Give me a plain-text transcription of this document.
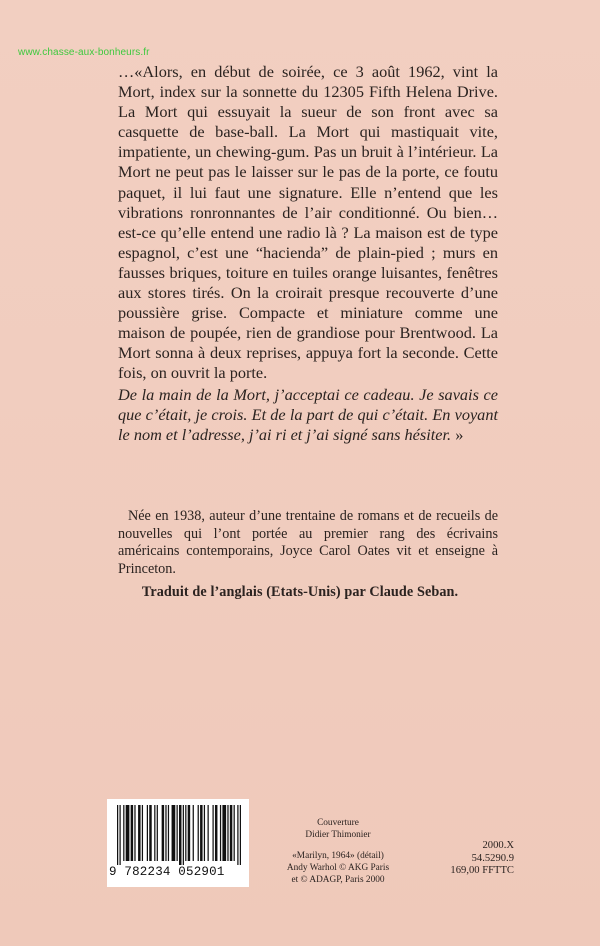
www.chasse-aux-bonheurs.fr

…«Alors, en début de soirée, ce 3 août 1962, vint la Mort, index sur la sonnette du 12305 Fifth Helena Drive. La Mort qui essuyait la sueur de son front avec sa casquette de base-ball. La Mort qui mastiquait vite, impatiente, un chewing-gum. Pas un bruit à l’intérieur. La Mort ne peut pas le laisser sur le pas de la porte, ce foutu paquet, il lui faut une signature. Elle n’entend que les vibrations ronronnantes de l’air conditionné. Ou bien… est-ce qu’elle entend une radio là ? La maison est de type espagnol, c’est une “hacienda” de plain-pied ; murs en fausses briques, toiture en tuiles orange luisantes, fenêtres aux stores tirés. On la croirait presque recouverte d’une poussière grise. Compacte et miniature comme une maison de poupée, rien de grandiose pour Brentwood. La Mort sonna à deux reprises, appuya fort la seconde. Cette fois, on ouvrit la porte.

De la main de la Mort, j’acceptai ce cadeau. Je savais ce que c’était, je crois. Et de la part de qui c’était. En voyant le nom et l’adresse, j’ai ri et j’ai signé sans hésiter. »

Née en 1938, auteur d’une trentaine de romans et de recueils de nouvelles qui l’ont portée au premier rang des écrivains américains contemporains, Joyce Carol Oates vit et enseigne à Princeton.

Traduit de l’anglais (Etats-Unis) par Claude Seban.
9 782234 052901
Couverture
Didier Thimonier
«Marilyn, 1964» (détail)
Andy Warhol © AKG Paris
et © ADAGP, Paris 2000
2000.X
54.5290.9
169,00 FFTTC
